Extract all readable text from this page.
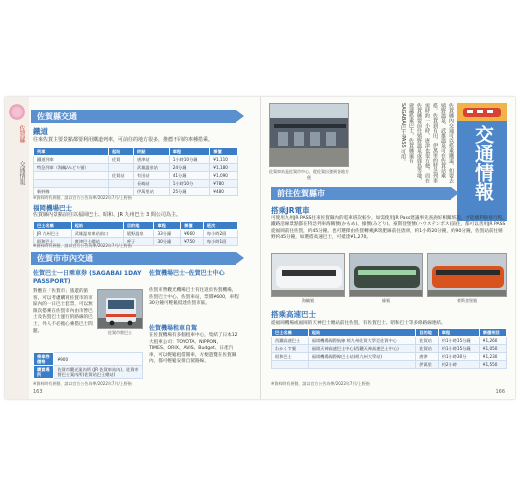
佐賀縣
交通情報
佐賀縣交通
鐵道
往來佐賀主要景點都要利用鐵道列車，可前往的地方很多，推薦不同的車種搭乘。
列車	起站	終點	車程	票價
鐵道列車	佐賀	唐津站	1小時10分鐘	¥1,110
特急列車（海鷗/みどり號）		武雄溫泉站	24分鐘	¥1,180
	佐賀站	有田站	41分鐘	¥1,090
		長崎站	1小時10分	¥780
新幹線		伊萬里站	25分鐘	¥480
※資料時有異動，請以官方公告為準/2022年7月/上野指
福岡機場巴士
佐賀縣內景點前往以福岡巴士、昭和、JR 九州巴士 3 間公司為主。
巴士名稱	起站	目的地	車程	票價	班次
JR 九州巴士	武雄溫泉車站前口	嬉野溫泉	33分鐘	¥660	每小時2班
昭和巴士	唐津巴士總站	呼子	30分鐘	¥750	每小時1班
※資料時有異動，請以官方公告為準/2022年7月/上野指
佐賀市市內交通
佐賀巴士一日乘車券 (SAGABAI 1DAY PASSPORT)
對應在「佐賀市」旅遊的旅客，可以考慮購買佐賀市的市區內的一日巴士套票，可以無限次搭乘在佐賀市內由市營巴士及佐賀巴士運行的路線的巴士，外人不必擔心乘搭巴士問題。	佐賀市營巴士
乘車券價格	¥900
購買場所	佐賀市觀光案內所 (JR 佐賀車站內)、佐賀市營巴士案內所(佐賀站巴士總站)
※資料時有異動，請以官方公告為準/2022年7月/上野指
佐賀機場巴士─佐賀巴士中心
佐賀市營觀光機場巴士有往返於佐賀機場，佐賀巴士中心、佐賀車站，票價¥600，車程30分鐘可輕鬆抵達佐賀市區。
佐賀機場租車自駕
在佐賀機場有多個租車中心，集結了日本12大租車公司：TOYOTA、NIPPON、TIMES、ORIX、AVIS、Budget、日產汽車，可以輕鬆租借開車，方便遊覽在佐賀縣內，都可輕鬆安排自駕路線。
163
佐賀車站是佐賀市中心，從佐賀出發到各地方便	佐賀縣內交通可以搭乘鐵道，如要去嬉野溫泉、武雄溫泉可在佐賀站乘搭。佐賀到有田、伊萬里的特急列車需時約一小時，唐津也很方便，而在佐賀縣要前往嬉野溫泉或鹿島等地，建議搭乘巴士，佐賀縣還有SAGABAI巴士PASS 可用。	交通情報
前往佐賀縣市
搭乘JR電車
可使用九州JR PASS往來佐賀縣內的電車班次較少，如需使用JR Pass建議事先查詢好相關班次，才能順利銜接行程。鐵路沿線景點都在特急列車海鷗號(かもめ)、綠號(みどり)、豪斯登堡號(ハウステンボス)前往，都可以善用JR PASS從福岡前往佐賀，約45分鐘。也可選擇由佐賀轉乘JR筑肥線前往唐津，約1小時20分鐘，約90分鐘，佐賀站前往嬉野約45分鐘，如選搭高速巴士，可抵達¥1,270。
海鷗號	綠號	豪斯登堡號
搭乘高速巴士
從福岡機場或福岡的天神巴士總站前往佐賀，有佐賀巴士、昭和巴士等多條路線連結。
巴士名稱	起站	目的地	車程	票價來回
西鐵高速巴士	福岡機場國際航線 經九州佐賀大學至佐賀中心	佐賀站	約1小時15分鐘	¥1,260
わかくす號	福岡天神高速巴士中心(西鐵天神高速巴士中心)	佐賀站	約1小時15分鐘	¥1,050
昭和巴士	福岡機場國際線巴士站(經九州大學站)	唐津	約1小時30分	¥1,230
		伊萬里	約2小時	¥1,550
※資料時有異動，請以官方公告為準/2022年7月/上野指
166
